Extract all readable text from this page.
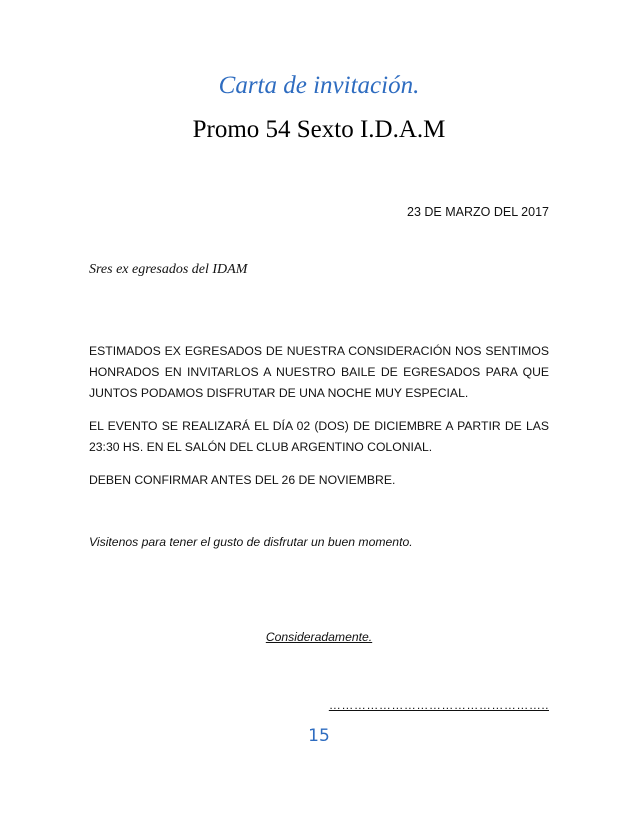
Carta de invitación.
Promo 54 Sexto I.D.A.M
23 DE MARZO DEL 2017
Sres ex egresados del IDAM

ESTIMADOS EX EGRESADOS DE NUESTRA CONSIDERACIÓN NOS SENTIMOS HONRADOS EN INVITARLOS A NUESTRO BAILE DE EGRESADOS PARA QUE JUNTOS PODAMOS DISFRUTAR DE UNA NOCHE MUY ESPECIAL.

EL EVENTO SE REALIZARÁ EL DÍA 02 (DOS) DE DICIEMBRE A PARTIR DE LAS 23:30 HS. EN EL SALÓN DEL CLUB ARGENTINO COLONIAL.

DEBEN CONFIRMAR ANTES DEL 26 DE NOVIEMBRE.

Visitenos para tener el gusto de disfrutar un buen momento.
Consideradamente.
……………………………………………..
15
